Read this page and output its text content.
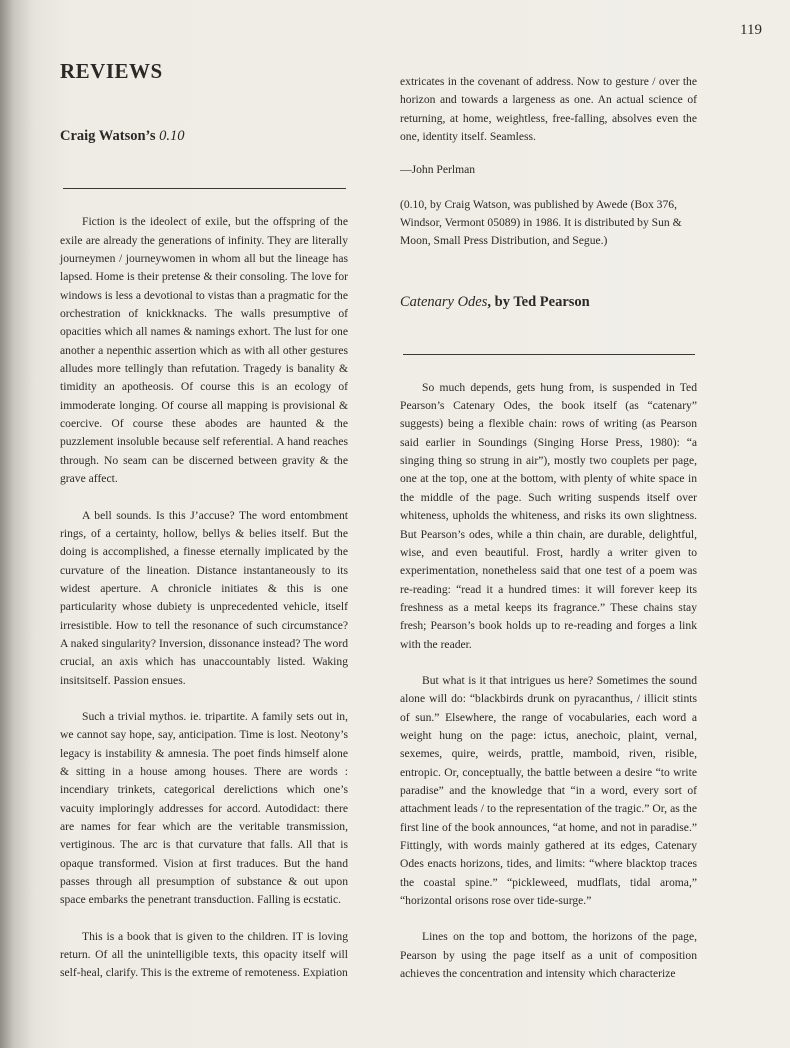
119
REVIEWS
Craig Watson’s 0.10

Fiction is the ideolect of exile, but the offspring of the exile are already the generations of infinity. They are literally journeymen / journeywomen in whom all but the lineage has lapsed. Home is their pretense & their consoling. The love for windows is less a devotional to vistas than a pragmatic for the orchestration of knickknacks. The walls presumptive of opacities which all names & namings exhort. The lust for one another a nepenthic assertion which as with all other gestures alludes more tellingly than refutation. Tragedy is banality & timidity an apotheosis. Of course this is an ecology of immoderate longing. Of course all mapping is provisional & coercive. Of course these abodes are haunted & the puzzlement insoluble because self referential. A hand reaches through. No seam can be discerned between gravity & the grave affect.

A bell sounds. Is this J’accuse? The word entombment rings, of a certainty, hollow, bellys & belies itself. But the doing is accomplished, a finesse eternally implicated by the curvature of the lineation. Distance instantaneously to its widest aperture. A chronicle initiates & this is one particularity whose dubiety is unprecedented vehicle, itself irresistible. How to tell the resonance of such circumstance? A naked singularity? Inversion, dissonance instead? The word crucial, an axis which has unaccountably listed. Waking insitsitself. Passion ensues.

Such a trivial mythos. ie. tripartite. A family sets out in, we cannot say hope, say, anticipation. Time is lost. Neotony’s legacy is instability & amnesia. The poet finds himself alone & sitting in a house among houses. There are words : incendiary trinkets, categorical derelictions which one’s vacuity imploringly addresses for accord. Autodidact: there are names for fear which are the veritable transmission, vertiginous. The arc is that curvature that falls. All that is opaque transformed. Vision at first traduces. But the hand passes through all presumption of substance & out upon space embarks the penetrant transduction. Falling is ecstatic.

This is a book that is given to the children. IT is loving return. Of all the unintelligible texts, this opacity itself will self-heal, clarify. This is the extreme of remoteness. Expiation

extricates in the covenant of address. Now to gesture / over the horizon and towards a largeness as one. An actual science of returning, at home, weightless, free-falling, absolves even the one, identity itself. Seamless.

—John Perlman

(0.10, by Craig Watson, was published by Awede (Box 376, Windsor, Vermont 05089) in 1986. It is distributed by Sun & Moon, Small Press Distribution, and Segue.)

Catenary Odes, by Ted Pearson

So much depends, gets hung from, is suspended in Ted Pearson’s Catenary Odes, the book itself (as “catenary” suggests) being a flexible chain: rows of writing (as Pearson said earlier in Soundings (Singing Horse Press, 1980): “a singing thing so strung in air”), mostly two couplets per page, one at the top, one at the bottom, with plenty of white space in the middle of the page. Such writing suspends itself over whiteness, upholds the whiteness, and risks its own slightness. But Pearson’s odes, while a thin chain, are durable, delightful, wise, and even beautiful. Frost, hardly a writer given to experimentation, nonetheless said that one test of a poem was re-reading: “read it a hundred times: it will forever keep its freshness as a metal keeps its fragrance.” These chains stay fresh; Pearson’s book holds up to re-reading and forges a link with the reader.

But what is it that intrigues us here? Sometimes the sound alone will do: “blackbirds drunk on pyracanthus, / illicit stints of sun.” Elsewhere, the range of vocabularies, each word a weight hung on the page: ictus, anechoic, plaint, vernal, sexemes, quire, weirds, prattle, mamboid, riven, risible, entropic. Or, conceptually, the battle between a desire “to write paradise” and the knowledge that “in a word, every sort of attachment leads / to the representation of the tragic.” Or, as the first line of the book announces, “at home, and not in paradise.” Fittingly, with words mainly gathered at its edges, Catenary Odes enacts horizons, tides, and limits: “where blacktop traces the coastal spine.” “pickleweed, mudflats, tidal aroma,” “horizontal orisons rose over tide-surge.”

Lines on the top and bottom, the horizons of the page, Pearson by using the page itself as a unit of composition achieves the concentration and intensity which characterize
